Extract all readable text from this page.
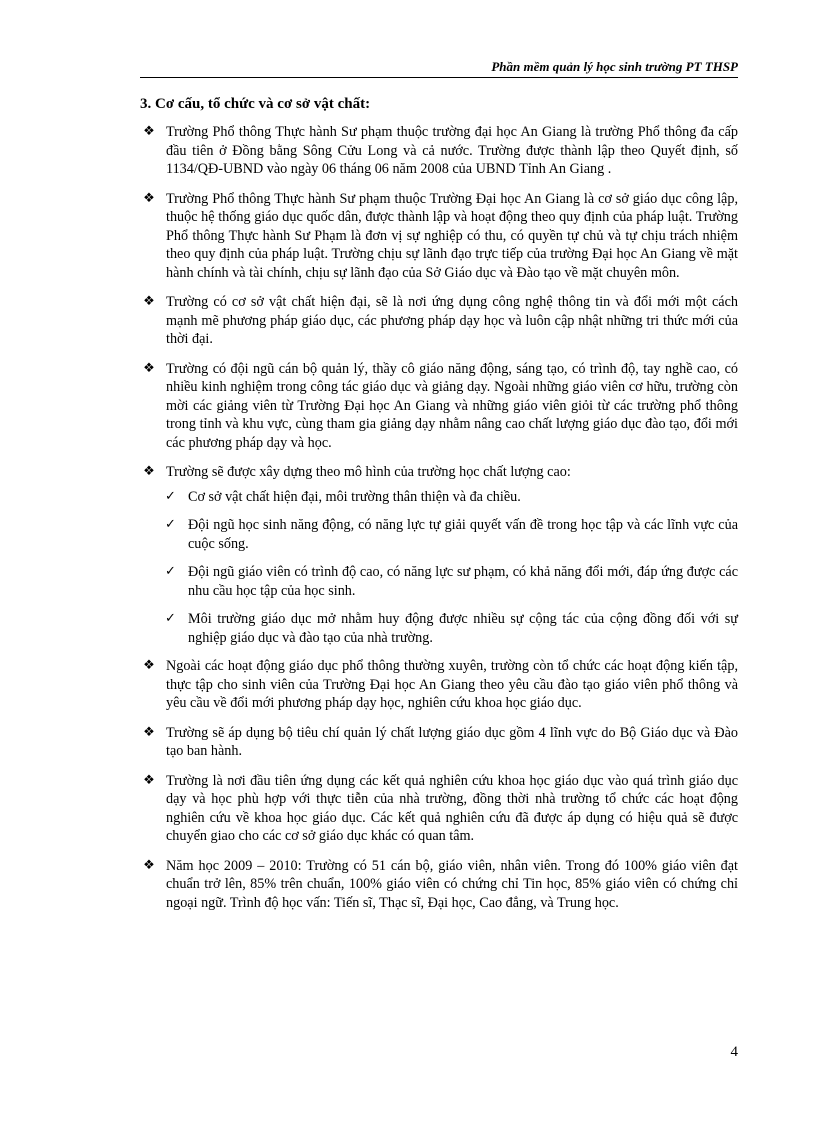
Phần mềm quản lý học sinh trường PT THSP
3. Cơ cấu, tổ chức và cơ sở vật chất:
❖ Trường Phổ thông Thực hành Sư phạm thuộc trường đại học An Giang là trường Phổ thông đa cấp đầu tiên ở Đồng bằng Sông Cửu Long và cả nước. Trường được thành lập theo Quyết định, số 1134/QĐ-UBND vào ngày 06 tháng 06 năm 2008 của UBND Tỉnh An Giang .
❖ Trường Phổ thông Thực hành Sư phạm thuộc Trường Đại học An Giang là cơ sở giáo dục công lập, thuộc hệ thống giáo dục quốc dân, được thành lập và hoạt động theo quy định của pháp luật. Trường Phổ thông Thực hành Sư Phạm là đơn vị sự nghiệp có thu, có quyền tự chủ và tự chịu trách nhiệm theo quy định của pháp luật. Trường chịu sự lãnh đạo trực tiếp của trường Đại học An Giang về mặt hành chính và tài chính, chịu sự lãnh đạo của Sở Giáo dục và Đào tạo về mặt chuyên môn.
❖ Trường có cơ sở vật chất hiện đại, sẽ là nơi ứng dụng công nghệ thông tin và đổi mới một cách mạnh mẽ phương pháp giáo dục, các phương pháp dạy học và luôn cập nhật những tri thức mới của thời đại.
❖ Trường có đội ngũ cán bộ quản lý, thầy cô giáo năng động, sáng tạo, có trình độ, tay nghề cao, có nhiều kinh nghiệm trong công tác giáo dục và giảng dạy. Ngoài những giáo viên cơ hữu, trường còn mời các giảng viên từ Trường Đại học An Giang và những giáo viên giỏi từ các trường phổ thông trong tỉnh và khu vực, cùng tham gia giảng dạy nhằm nâng cao chất lượng giáo dục đào tạo, đổi mới các phương pháp dạy và học.
❖ Trường sẽ được xây dựng theo mô hình của trường học chất lượng cao:
✓ Cơ sở vật chất hiện đại, môi trường thân thiện và đa chiều.
✓ Đội ngũ học sinh năng động, có năng lực tự giải quyết vấn đề trong học tập và các lĩnh vực của cuộc sống.
✓ Đội ngũ giáo viên có trình độ cao, có năng lực sư phạm, có khả năng đổi mới, đáp ứng được các nhu cầu học tập của học sinh.
✓ Môi trường giáo dục mở nhằm huy động được nhiều sự cộng tác của cộng đồng đối với sự nghiệp giáo dục và đào tạo của nhà trường.
❖ Ngoài các hoạt động giáo dục phổ thông thường xuyên, trường còn tổ chức các hoạt động kiến tập, thực tập cho sinh viên của Trường Đại học An Giang theo yêu cầu đào tạo giáo viên phổ thông và yêu cầu về đổi mới phương pháp dạy học, nghiên cứu khoa học giáo dục.
❖ Trường sẽ áp dụng bộ tiêu chí quản lý chất lượng giáo dục gồm 4 lĩnh vực do Bộ Giáo dục và Đào tạo ban hành.
❖ Trường là nơi đầu tiên ứng dụng các kết quả nghiên cứu khoa học giáo dục vào quá trình giáo dục dạy và học phù hợp với thực tiễn của nhà trường, đồng thời nhà trường tổ chức các hoạt động nghiên cứu về khoa học giáo dục. Các kết quả nghiên cứu đã được áp dụng có hiệu quả sẽ được chuyển giao cho các cơ sở giáo dục khác có quan tâm.
❖ Năm học 2009 – 2010: Trường có 51 cán bộ, giáo viên, nhân viên. Trong đó 100% giáo viên đạt chuẩn trở lên, 85% trên chuẩn, 100% giáo viên có chứng chỉ Tin học, 85% giáo viên có chứng chỉ ngoại ngữ. Trình độ học vấn: Tiến sĩ, Thạc sĩ, Đại học, Cao đẳng, và Trung học.
4
